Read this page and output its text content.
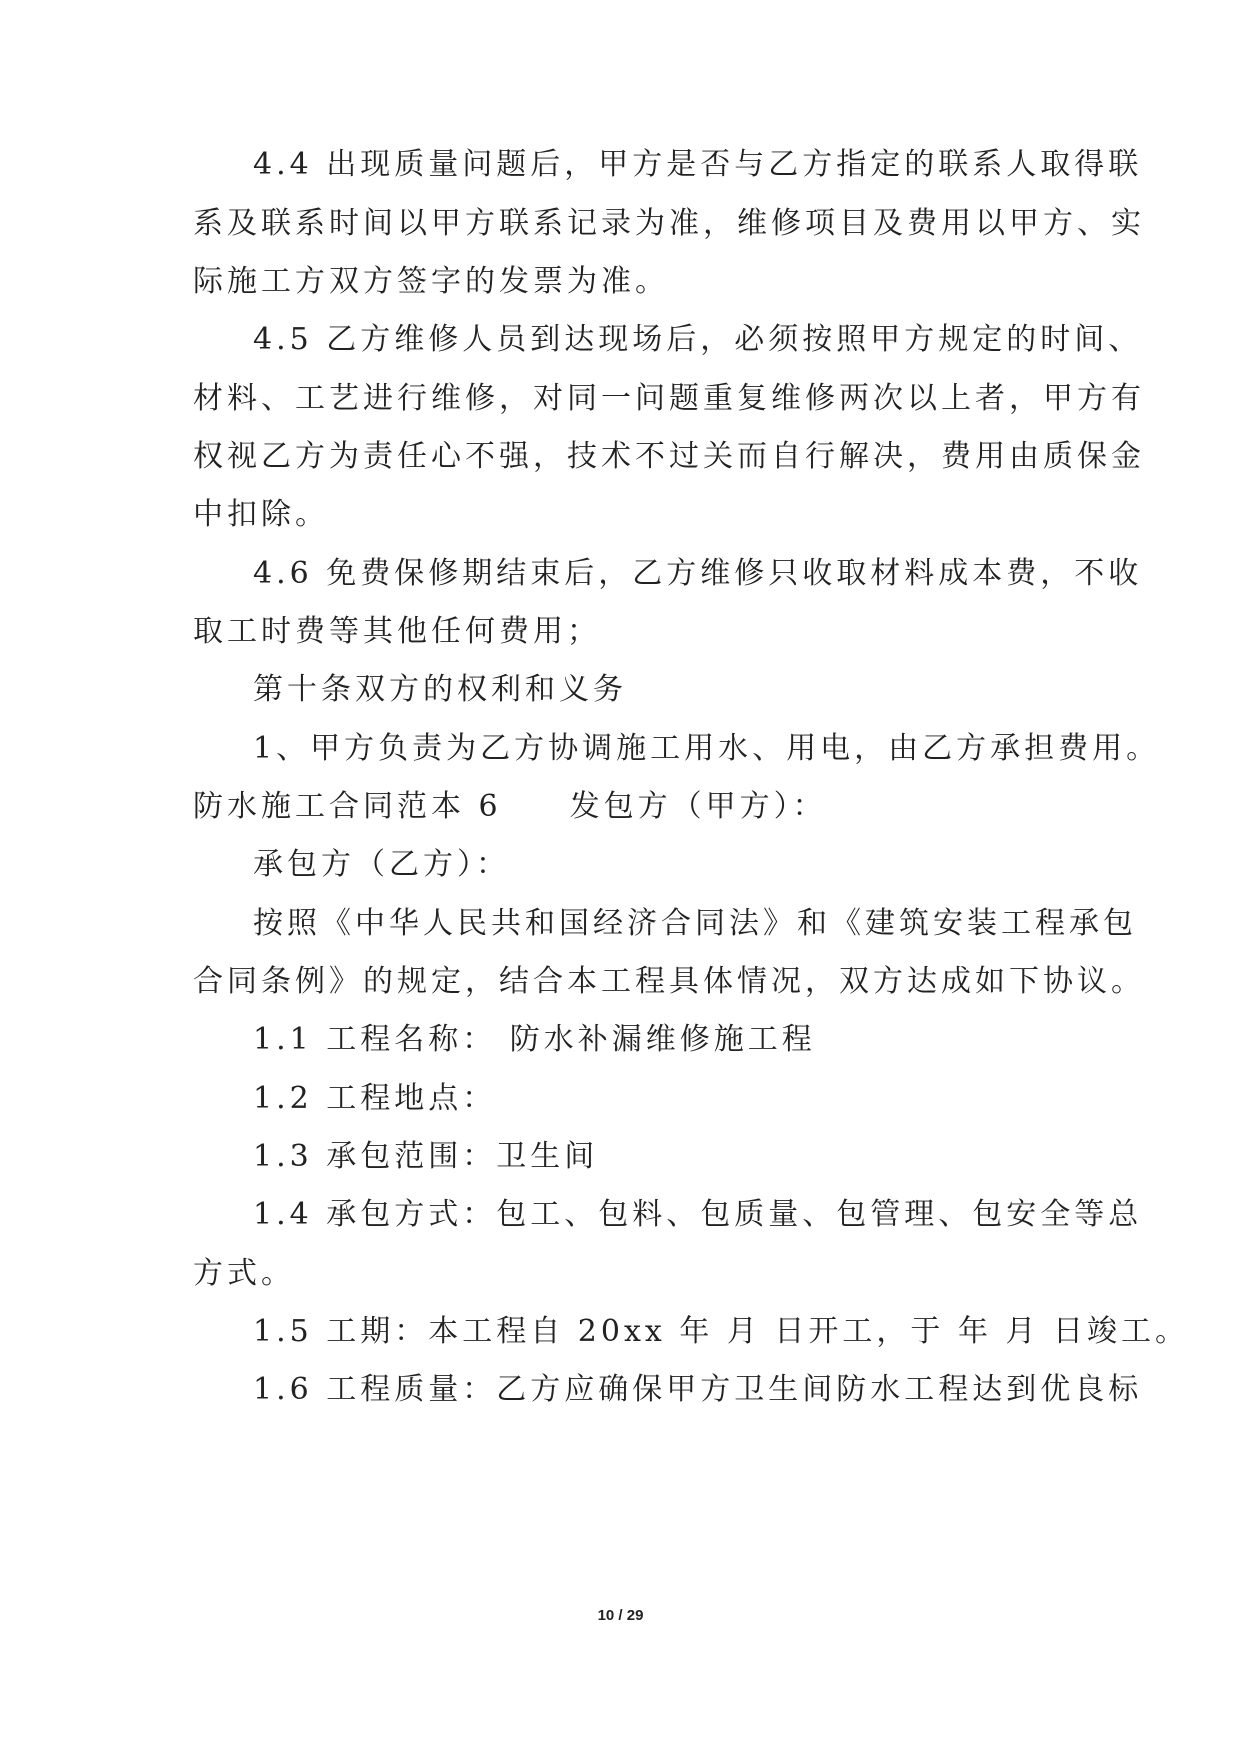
4.4 出现质量问题后，甲方是否与乙方指定的联系人取得联
系及联系时间以甲方联系记录为准，维修项目及费用以甲方、实
际施工方双方签字的发票为准。
4.5 乙方维修人员到达现场后，必须按照甲方规定的时间、
材料、工艺进行维修，对同一问题重复维修两次以上者，甲方有
权视乙方为责任心不强，技术不过关而自行解决，费用由质保金
中扣除。
4.6 免费保修期结束后，乙方维修只收取材料成本费，不收
取工时费等其他任何费用；
第十条双方的权利和义务
1、甲方负责为乙方协调施工用水、用电，由乙方承担费用。
防水施工合同范本 6　　发包方（甲方）：
承包方（乙方）：
按照《中华人民共和国经济合同法》和《建筑安装工程承包
合同条例》的规定，结合本工程具体情况，双方达成如下协议。
1.1 工程名称： 防水补漏维修施工程
1.2 工程地点：
1.3 承包范围：卫生间
1.4 承包方式：包工、包料、包质量、包管理、包安全等总
方式。
1.5 工期：本工程自 20xx 年 月 日开工，于 年 月 日竣工。
1.6 工程质量：乙方应确保甲方卫生间防水工程达到优良标
10 / 29
